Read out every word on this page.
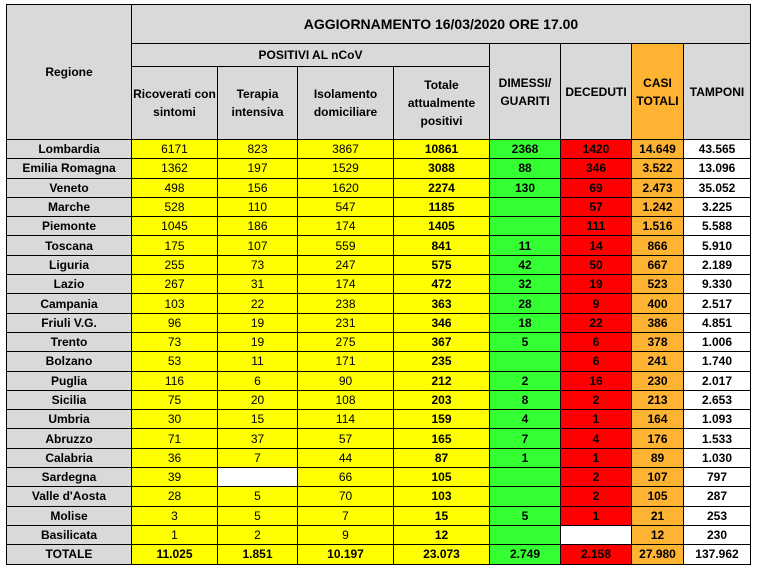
Regione	AGGIORNAMENTO 16/03/2020 ORE 17.00							
	POSITIVI AL nCoV				DIMESSI/ GUARITI	DECEDUTI	CASI TOTALI	TAMPONI
	Ricoverati con sintomi	Terapia intensiva	Isolamento domiciliare	Totale attualmente positivi				
Lombardia	6171	823	3867	10861	2368	1420	14.649	43.565
Emilia Romagna	1362	197	1529	3088	88	346	3.522	13.096
Veneto	498	156	1620	2274	130	69	2.473	35.052
Marche	528	110	547	1185		57	1.242	3.225
Piemonte	1045	186	174	1405		111	1.516	5.588
Toscana	175	107	559	841	11	14	866	5.910
Liguria	255	73	247	575	42	50	667	2.189
Lazio	267	31	174	472	32	19	523	9.330
Campania	103	22	238	363	28	9	400	2.517
Friuli V.G.	96	19	231	346	18	22	386	4.851
Trento	73	19	275	367	5	6	378	1.006
Bolzano	53	11	171	235		6	241	1.740
Puglia	116	6	90	212	2	16	230	2.017
Sicilia	75	20	108	203	8	2	213	2.653
Umbria	30	15	114	159	4	1	164	1.093
Abruzzo	71	37	57	165	7	4	176	1.533
Calabria	36	7	44	87	1	1	89	1.030
Sardegna	39		66	105		2	107	797
Valle d'Aosta	28	5	70	103		2	105	287
Molise	3	5	7	15	5	1	21	253
Basilicata	1	2	9	12			12	230
TOTALE	11.025	1.851	10.197	23.073	2.749	2.158	27.980	137.962
